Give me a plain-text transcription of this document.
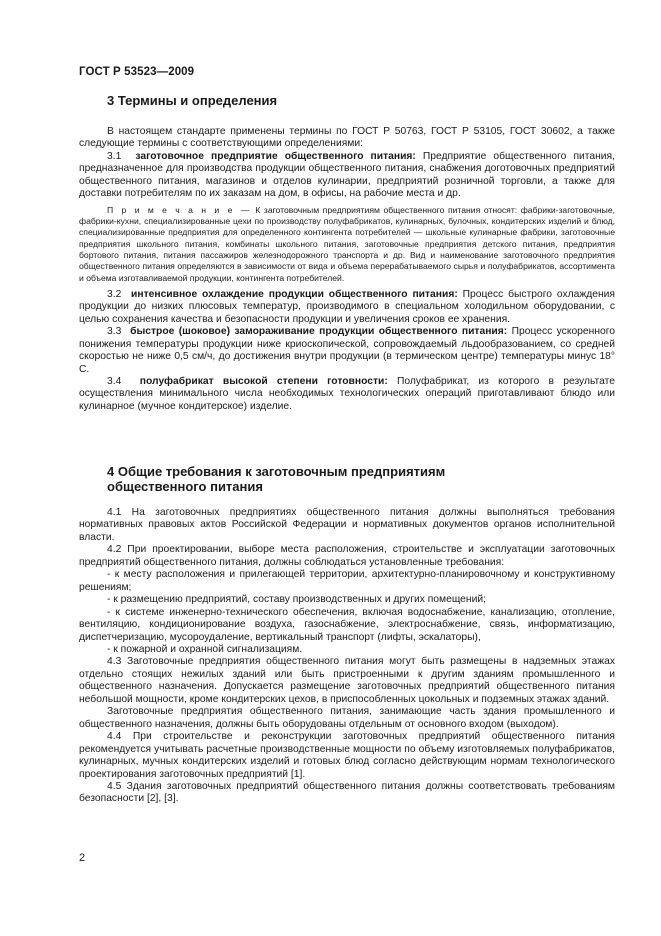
ГОСТ Р 53523—2009
3 Термины и определения

В настоящем стандарте применены термины по ГОСТ Р 50763, ГОСТ Р 53105, ГОСТ 30602, а также следующие термины с соответствующими определениями:

3.1 заготовочное предприятие общественного питания: Предприятие общественного питания, предназначенное для производства продукции общественного питания, снабжения доготовочных предприятий общественного питания, магазинов и отделов кулинарии, предприятий розничной торговли, а также для доставки потребителям по их заказам на дом, в офисы, на рабочие места и др.

П р и м е ч а н и е — К заготовочным предприятиям общественного питания относят: фабрики-заготовочные, фабрики-кухни, специализированные цехи по производству полуфабрикатов, кулинарных, булочных, кондитерских изделий и блюд, специализированные предприятия для определенного контингента потребителей — школьные кулинарные фабрики, заготовочные предприятия школьного питания, комбинаты школьного питания, заготовочные предприятия детского питания, предприятия бортового питания, питания пассажиров железнодорожного транспорта и др. Вид и наименование заготовочного предприятия общественного питания определяются в зависимости от вида и объема перерабатываемого сырья и полуфабрикатов, ассортимента и объема изготавливаемой продукции, контингента потребителей.

3.2 интенсивное охлаждение продукции общественного питания: Процесс быстрого охлаждения продукции до низких плюсовых температур, производимого в специальном холодильном оборудовании, с целью сохранения качества и безопасности продукции и увеличения сроков ее хранения.

3.3 быстрое (шоковое) замораживание продукции общественного питания: Процесс ускоренного понижения температуры продукции ниже криоскопической, сопровождаемый льдообразованием, со средней скоростью не ниже 0,5 см/ч, до достижения внутри продукции (в термическом центре) температуры минус 18° С.

3.4 полуфабрикат высокой степени готовности: Полуфабрикат, из которого в результате осуществления минимального числа необходимых технологических операций приготавливают блюдо или кулинарное (мучное кондитерское) изделие.

4 Общие требования к заготовочным предприятиям
общественного питания

4.1 На заготовочных предприятиях общественного питания должны выполняться требования нормативных правовых актов Российской Федерации и нормативных документов органов исполнительной власти.

4.2 При проектировании, выборе места расположения, строительстве и эксплуатации заготовочных предприятий общественного питания, должны соблюдаться установленные требования:

- к месту расположения и прилегающей территории, архитектурно-планировочному и конструктивному решениям;

- к размещению предприятий, составу производственных и других помещений;

- к системе инженерно-технического обеспечения, включая водоснабжение, канализацию, отопление, вентиляцию, кондиционирование воздуха, газоснабжение, электроснабжение, связь, информатизацию, диспетчеризацию, мусороудаление, вертикальный транспорт (лифты, эскалаторы),

- к пожарной и охранной сигнализациям.

4.3 Заготовочные предприятия общественного питания могут быть размещены в надземных этажах отдельно стоящих нежилых зданий или быть пристроенными к другим зданиям промышленного и общественного назначения. Допускается размещение заготовочных предприятий общественного питания небольшой мощности, кроме кондитерских цехов, в приспособленных цокольных и подземных этажах зданий.

Заготовочные предприятия общественного питания, занимающие часть здания промышленного и общественного назначения, должны быть оборудованы отдельным от основного входом (выходом).

4.4 При строительстве и реконструкции заготовочных предприятий общественного питания рекомендуется учитывать расчетные производственные мощности по объему изготовляемых полуфабрикатов, кулинарных, мучных кондитерских изделий и готовых блюд согласно действующим нормам технологического проектирования заготовочных предприятий [1].

4.5 Здания заготовочных предприятий общественного питания должны соответствовать требованиям безопасности [2], [3].

2
